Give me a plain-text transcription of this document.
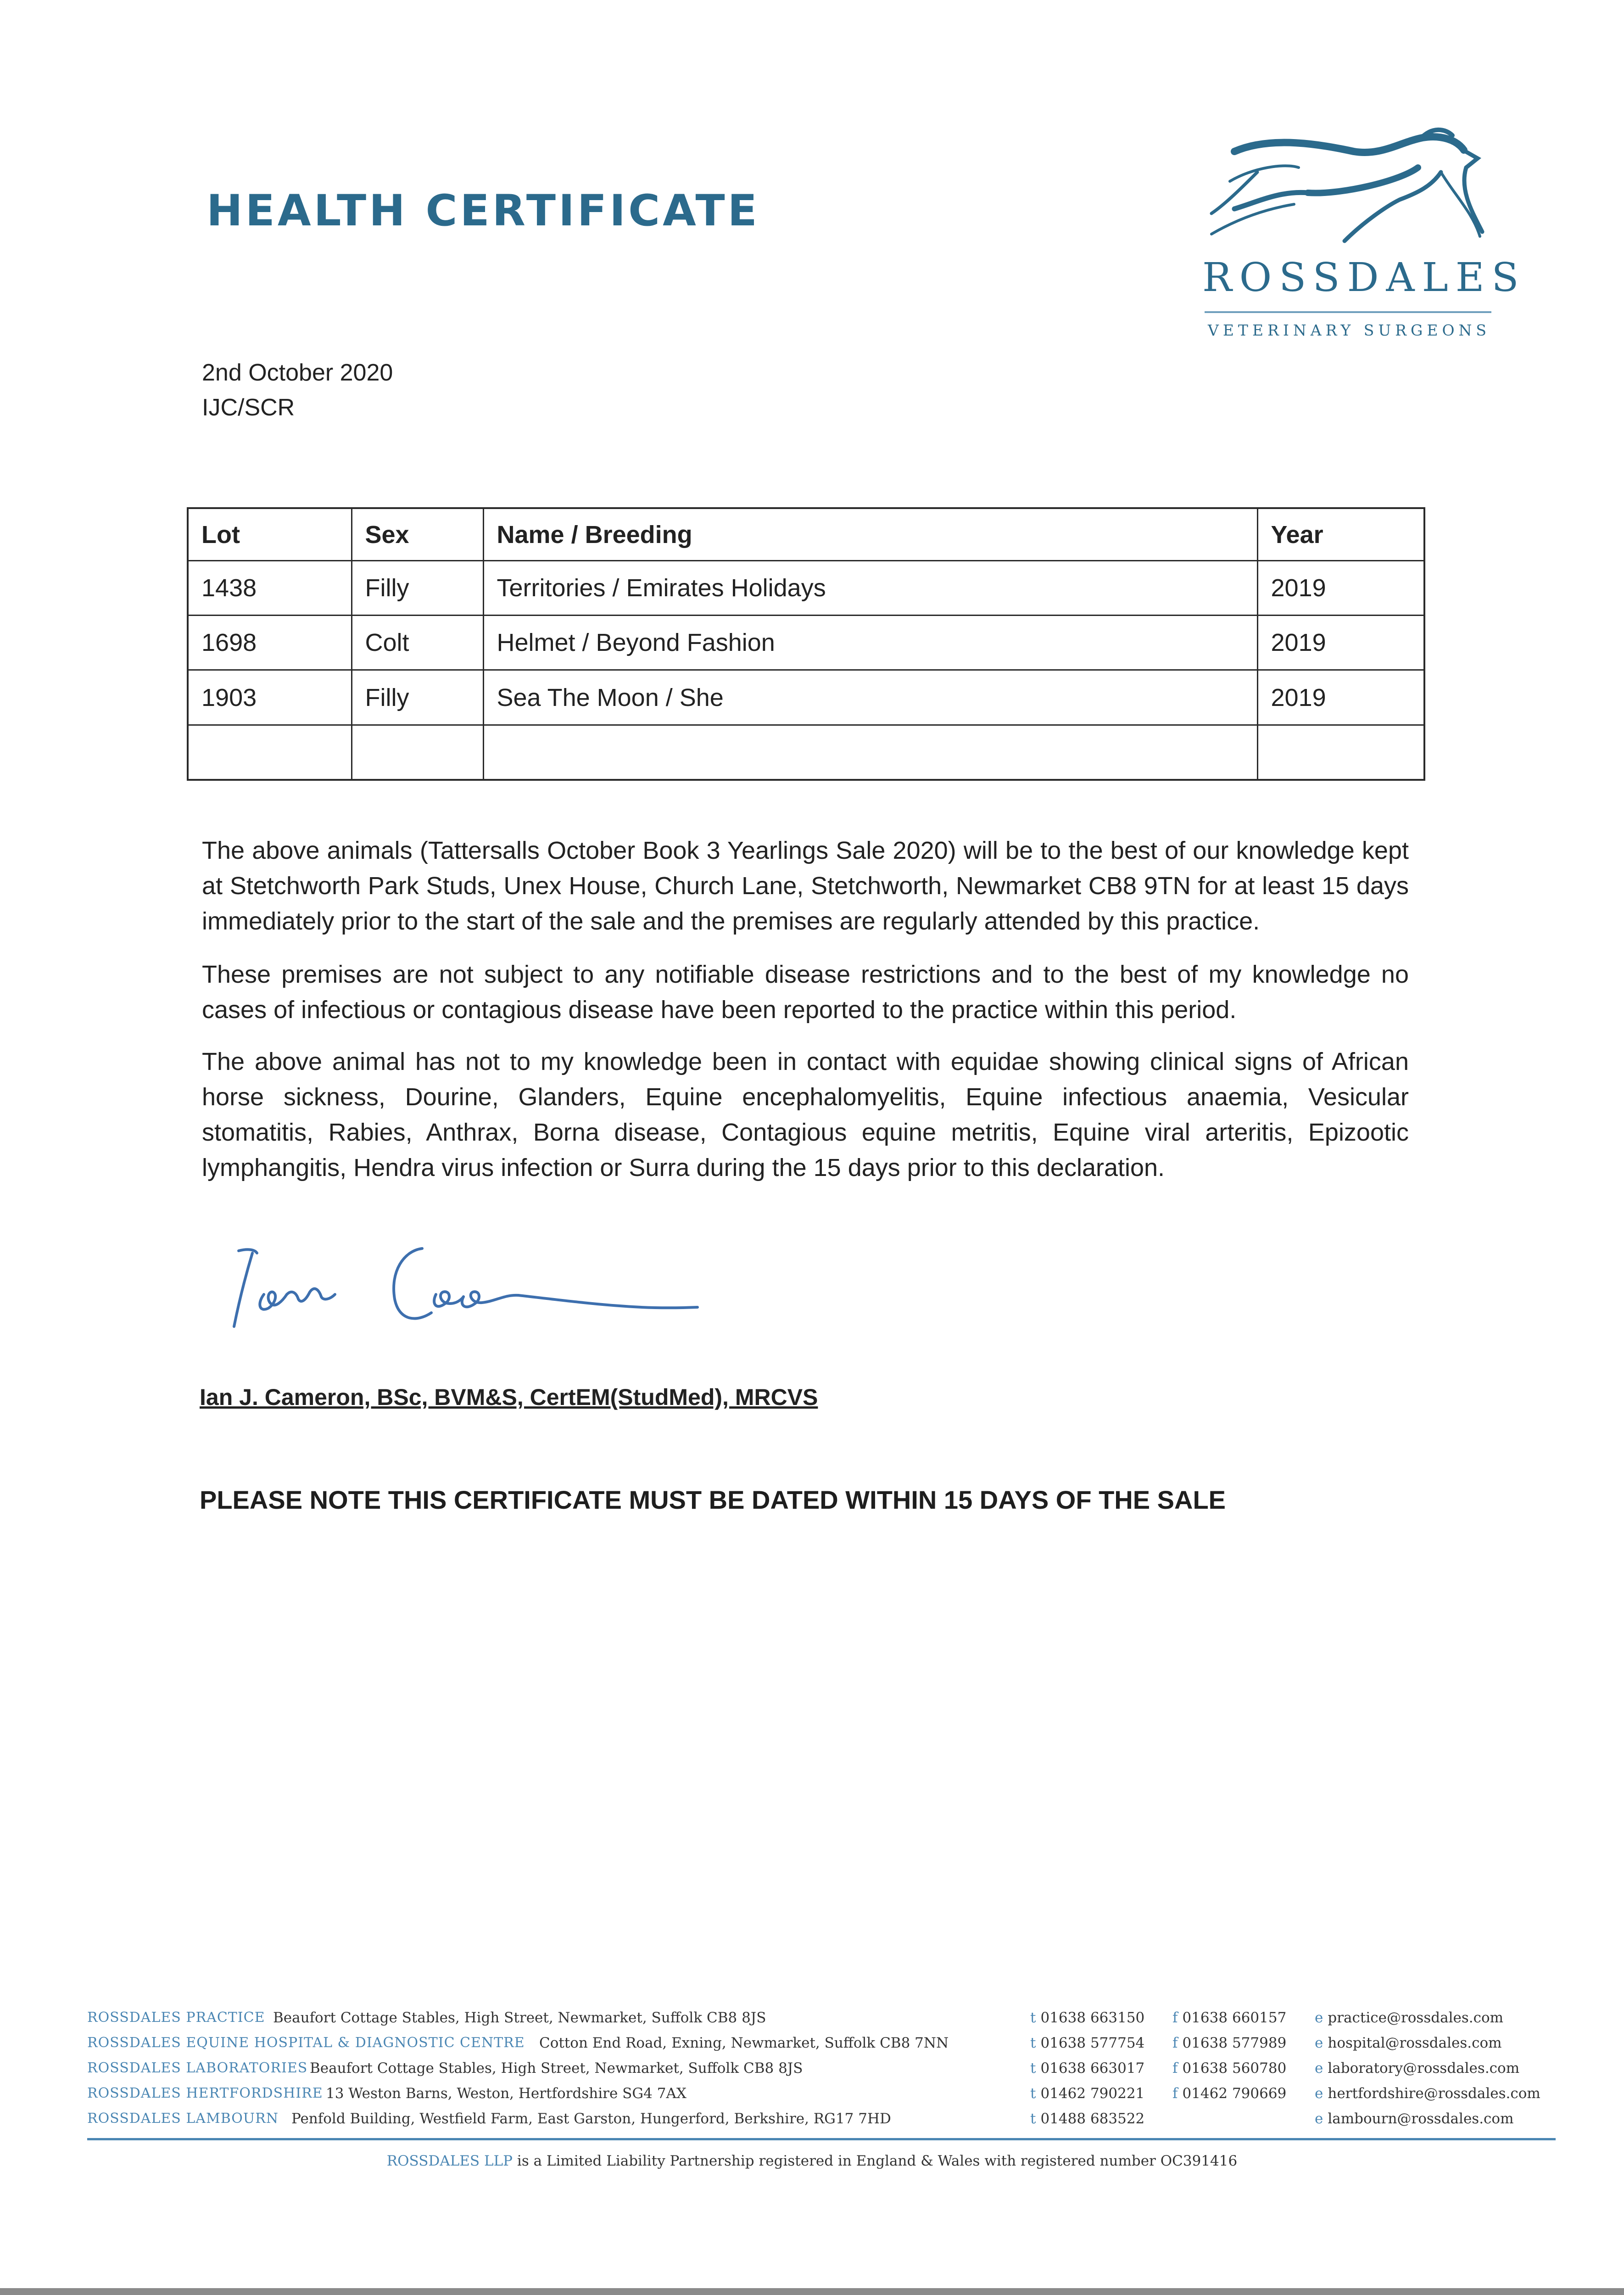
HEALTH CERTIFICATE
ROSSDALES
VETERINARY SURGEONS
2nd October 2020
IJC/SCR
Lot	Sex	Name / Breeding	Year
1438	Filly	Territories / Emirates Holidays	2019
1698	Colt	Helmet / Beyond Fashion	2019
1903	Filly	Sea The Moon / She	2019

The above animals (Tattersalls October Book 3 Yearlings Sale 2020) will be to the best of our knowledge kept at Stetchworth Park Studs, Unex House, Church Lane, Stetchworth, Newmarket CB8 9TN for at least 15 days immediately prior to the start of the sale and the premises are regularly attended by this practice.

These premises are not subject to any notifiable disease restrictions and to the best of my knowledge no cases of infectious or contagious disease have been reported to the practice within this period.

The above animal has not to my knowledge been in contact with equidae showing clinical signs of African horse sickness, Dourine, Glanders, Equine encephalomyelitis, Equine infectious anaemia, Vesicular stomatitis, Rabies, Anthrax, Borna disease, Contagious equine metritis, Equine viral arteritis, Epizootic lymphangitis, Hendra virus infection or Surra during the 15 days prior to this declaration.

Ian J. Cameron, BSc, BVM&S, CertEM(StudMed), MRCVS
PLEASE NOTE THIS CERTIFICATE MUST BE DATED WITHIN 15 DAYS OF THE SALE
ROSSDALES PRACTICE Beaufort Cottage Stables, High Street, Newmarket, Suffolk CB8 8JS	t 01638 663150 f 01638 660157 e practice@rossdales.com
ROSSDALES EQUINE HOSPITAL & DIAGNOSTIC CENTRE Cotton End Road, Exning, Newmarket, Suffolk CB8 7NN	t 01638 577754 f 01638 577989 e hospital@rossdales.com
ROSSDALES LABORATORIES Beaufort Cottage Stables, High Street, Newmarket, Suffolk CB8 8JS	t 01638 663017 f 01638 560780 e laboratory@rossdales.com
ROSSDALES HERTFORDSHIRE 13 Weston Barns, Weston, Hertfordshire SG4 7AX	t 01462 790221 f 01462 790669 e hertfordshire@rossdales.com
ROSSDALES LAMBOURN Penfold Building, Westfield Farm, East Garston, Hungerford, Berkshire, RG17 7HD	t 01488 683522	e lambourn@rossdales.com
ROSSDALES LLP is a Limited Liability Partnership registered in England & Wales with registered number OC391416
